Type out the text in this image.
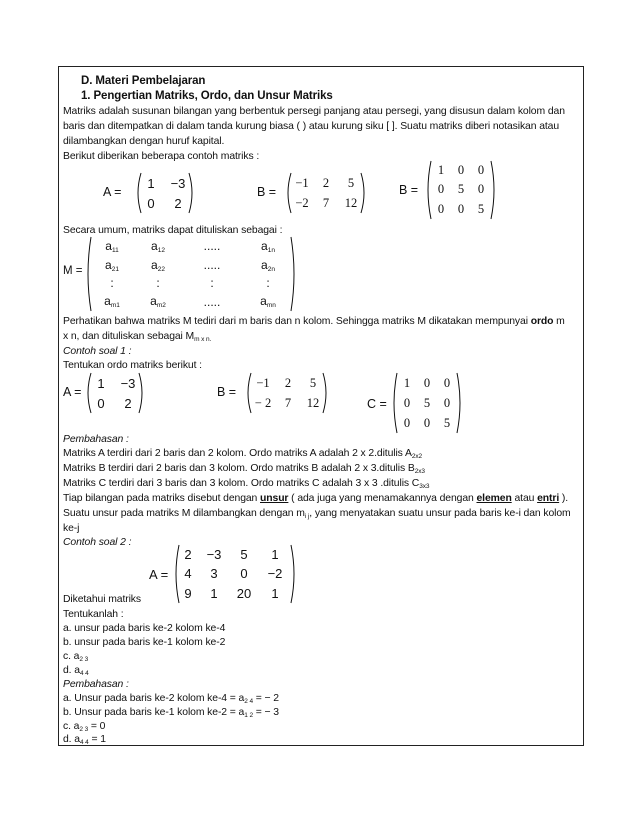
D. Materi Pembelajaran
1. Pengertian Matriks, Ordo, dan Unsur Matriks
Matriks adalah susunan bilangan yang berbentuk persegi panjang atau persegi, yang disusun dalam kolom dan
baris dan ditempatkan di dalam tanda kurung biasa ( ) atau kurung siku [ ]. Suatu matriks diberi notasikan atau
dilambangkan dengan huruf kapital.
Berikut diberikan beberapa contoh matriks :
A =
1 −3
0 2
B =
−1 2 5
−2 7 12
B =
1 0 0
0 5 0
0 0 5
Secara umum, matriks dapat dituliskan sebagai :
M =
$a_{11}$	$a_{12}$	.....	$a_{1n}$
$a_{21}$	$a_{22}$	.....	$a_{2n}$
:	:	:	:
$a_{m1}$	$a_{m2}$	.....	$a_{mn}$
Perhatikan bahwa matriks M tediri dari m baris dan n kolom. Sehingga matriks M dikatakan mempunyai ordo m
x n, dan dituliskan sebagai $M_{m x n.}$
Contoh soal 1 :
Tentukan ordo matriks berikut :
A =
1 −3
0 2
B =
−1 2 5
− 2 7 12	C =
1 0 0
0 5 0
0 0 5
Pembahasan :
Matriks A terdiri dari 2 baris dan 2 kolom. Ordo matriks A adalah 2 x 2.ditulis $A_{2x2}$
Matriks B terdiri dari 2 baris dan 3 kolom. Ordo matriks B adalah 2 x 3.ditulis $B_{2x3}$
Matriks C terdiri dari 3 baris dan 3 kolom. Ordo matriks C adalah 3 x 3 .ditulis $C_{3x3}$
Tiap bilangan pada matriks disebut dengan unsur ( ada juga yang menamakannya dengan elemen atau entri ).
Suatu unsur pada matriks M dilambangkan dengan $m_{i j}$, yang menyatakan suatu unsur pada baris ke-i dan kolom
ke-j
Contoh soal 2 :
A =
2 −3 5 1
4 3 0 −2
9 1 20 1
Diketahui matriks
Tentukanlah :
a. unsur pada baris ke-2 kolom ke-4
b. unsur pada baris ke-1 kolom ke-2
c. $a_{2 3}$
d. $a_{4 4}$
Pembahasan :
a. Unsur pada baris ke-2 kolom $ke-4 = a_{2 4}$ = − 2
b. Unsur pada baris ke-1 kolom $ke-2 = a_{1 2}$ = − 3
c. $a_{2 3} = 0$
d. $a_{4 4} = 1$
